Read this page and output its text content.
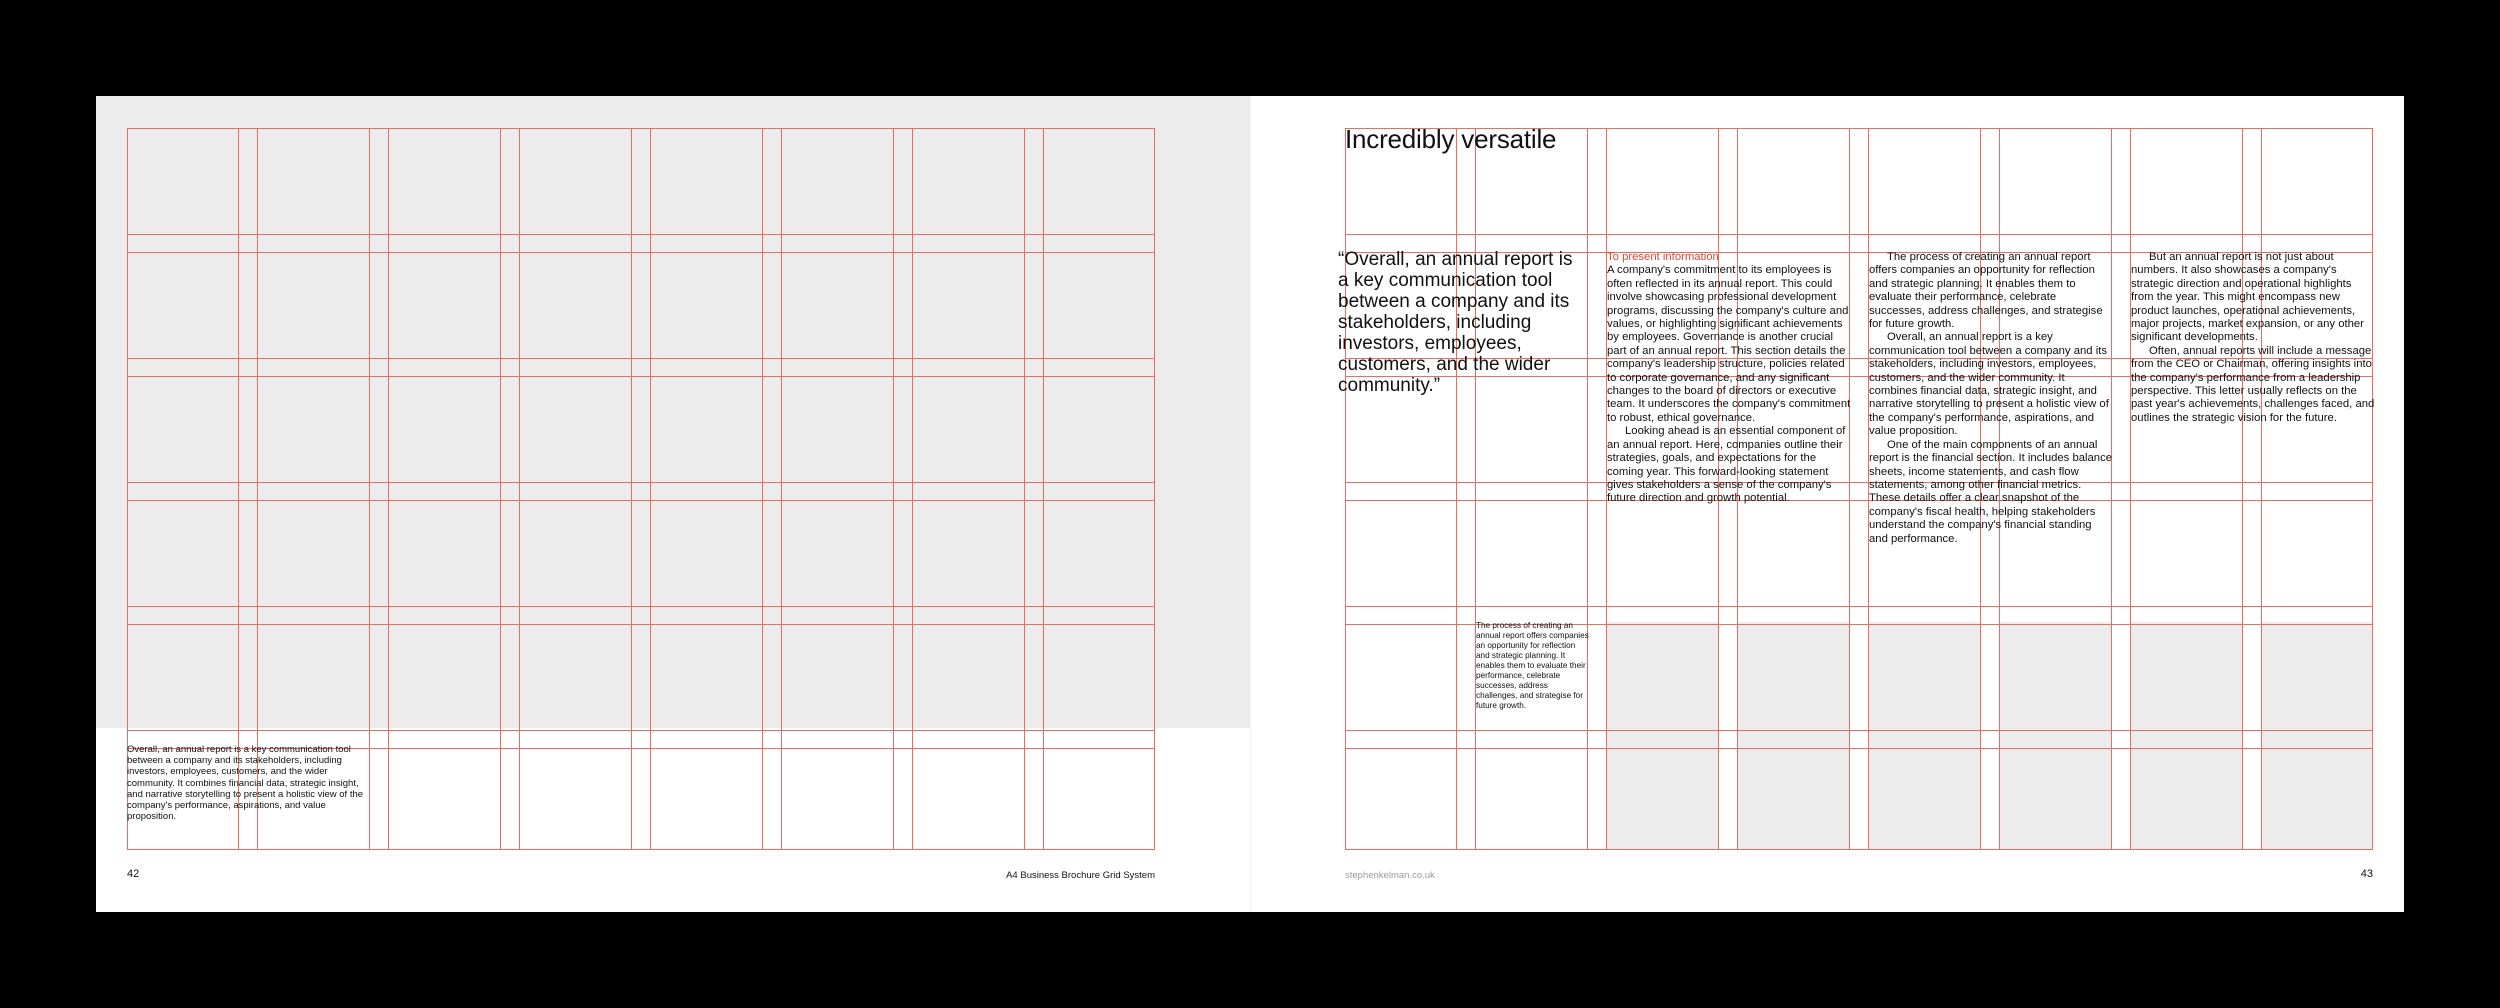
Overall, an annual report is a key communication tool between a company and its stakeholders, including investors, employees, customers, and the wider community. It combines financial data, strategic insight, and narrative storytelling to present a holistic view of the company's performance, aspirations, and value proposition.
42	A4 Business Brochure Grid System
Incredibly versatile
“Overall, an annual report is a key communication tool between a company and its stakeholders, including investors, employees, customers, and the wider community.”
The process of creating an annual report offers companies an opportunity for reflection and strategic planning. It enables them to evaluate their performance, celebrate successes, address challenges, and strategise for future growth.
To present information

A company's commitment to its employees is often reflected in its annual report. This could involve showcasing professional development programs, discussing the company's culture and values, or highlighting significant achievements by employees. Governance is another crucial part of an annual report. This section details the company's leadership structure, policies related to corporate governance, and any significant changes to the board of directors or executive team. It underscores the company's commitment to robust, ethical governance.

Looking ahead is an essential component of an annual report. Here, companies outline their strategies, goals, and expectations for the coming year. This forward-looking statement gives stakeholders a sense of the company's future direction and growth potential.

The process of creating an annual report offers companies an opportunity for reflection and strategic planning. It enables them to evaluate their performance, celebrate successes, address challenges, and strategise for future growth.

Overall, an annual report is a key communication tool between a company and its stakeholders, including investors, employees, customers, and the wider community. It combines financial data, strategic insight, and narrative storytelling to present a holistic view of the company's performance, aspirations, and value proposition.

One of the main components of an annual report is the financial section. It includes balance sheets, income statements, and cash flow statements, among other financial metrics. These details offer a clear snapshot of the company's fiscal health, helping stakeholders understand the company's financial standing and performance.

But an annual report is not just about numbers. It also showcases a company's strategic direction and operational highlights from the year. This might encompass new product launches, operational achievements, major projects, market expansion, or any other significant developments.

Often, annual reports will include a message from the CEO or Chairman, offering insights into the company's performance from a leadership perspective. This letter usually reflects on the past year's achievements, challenges faced, and outlines the strategic vision for the future.

stephenkelman.co.uk	43
